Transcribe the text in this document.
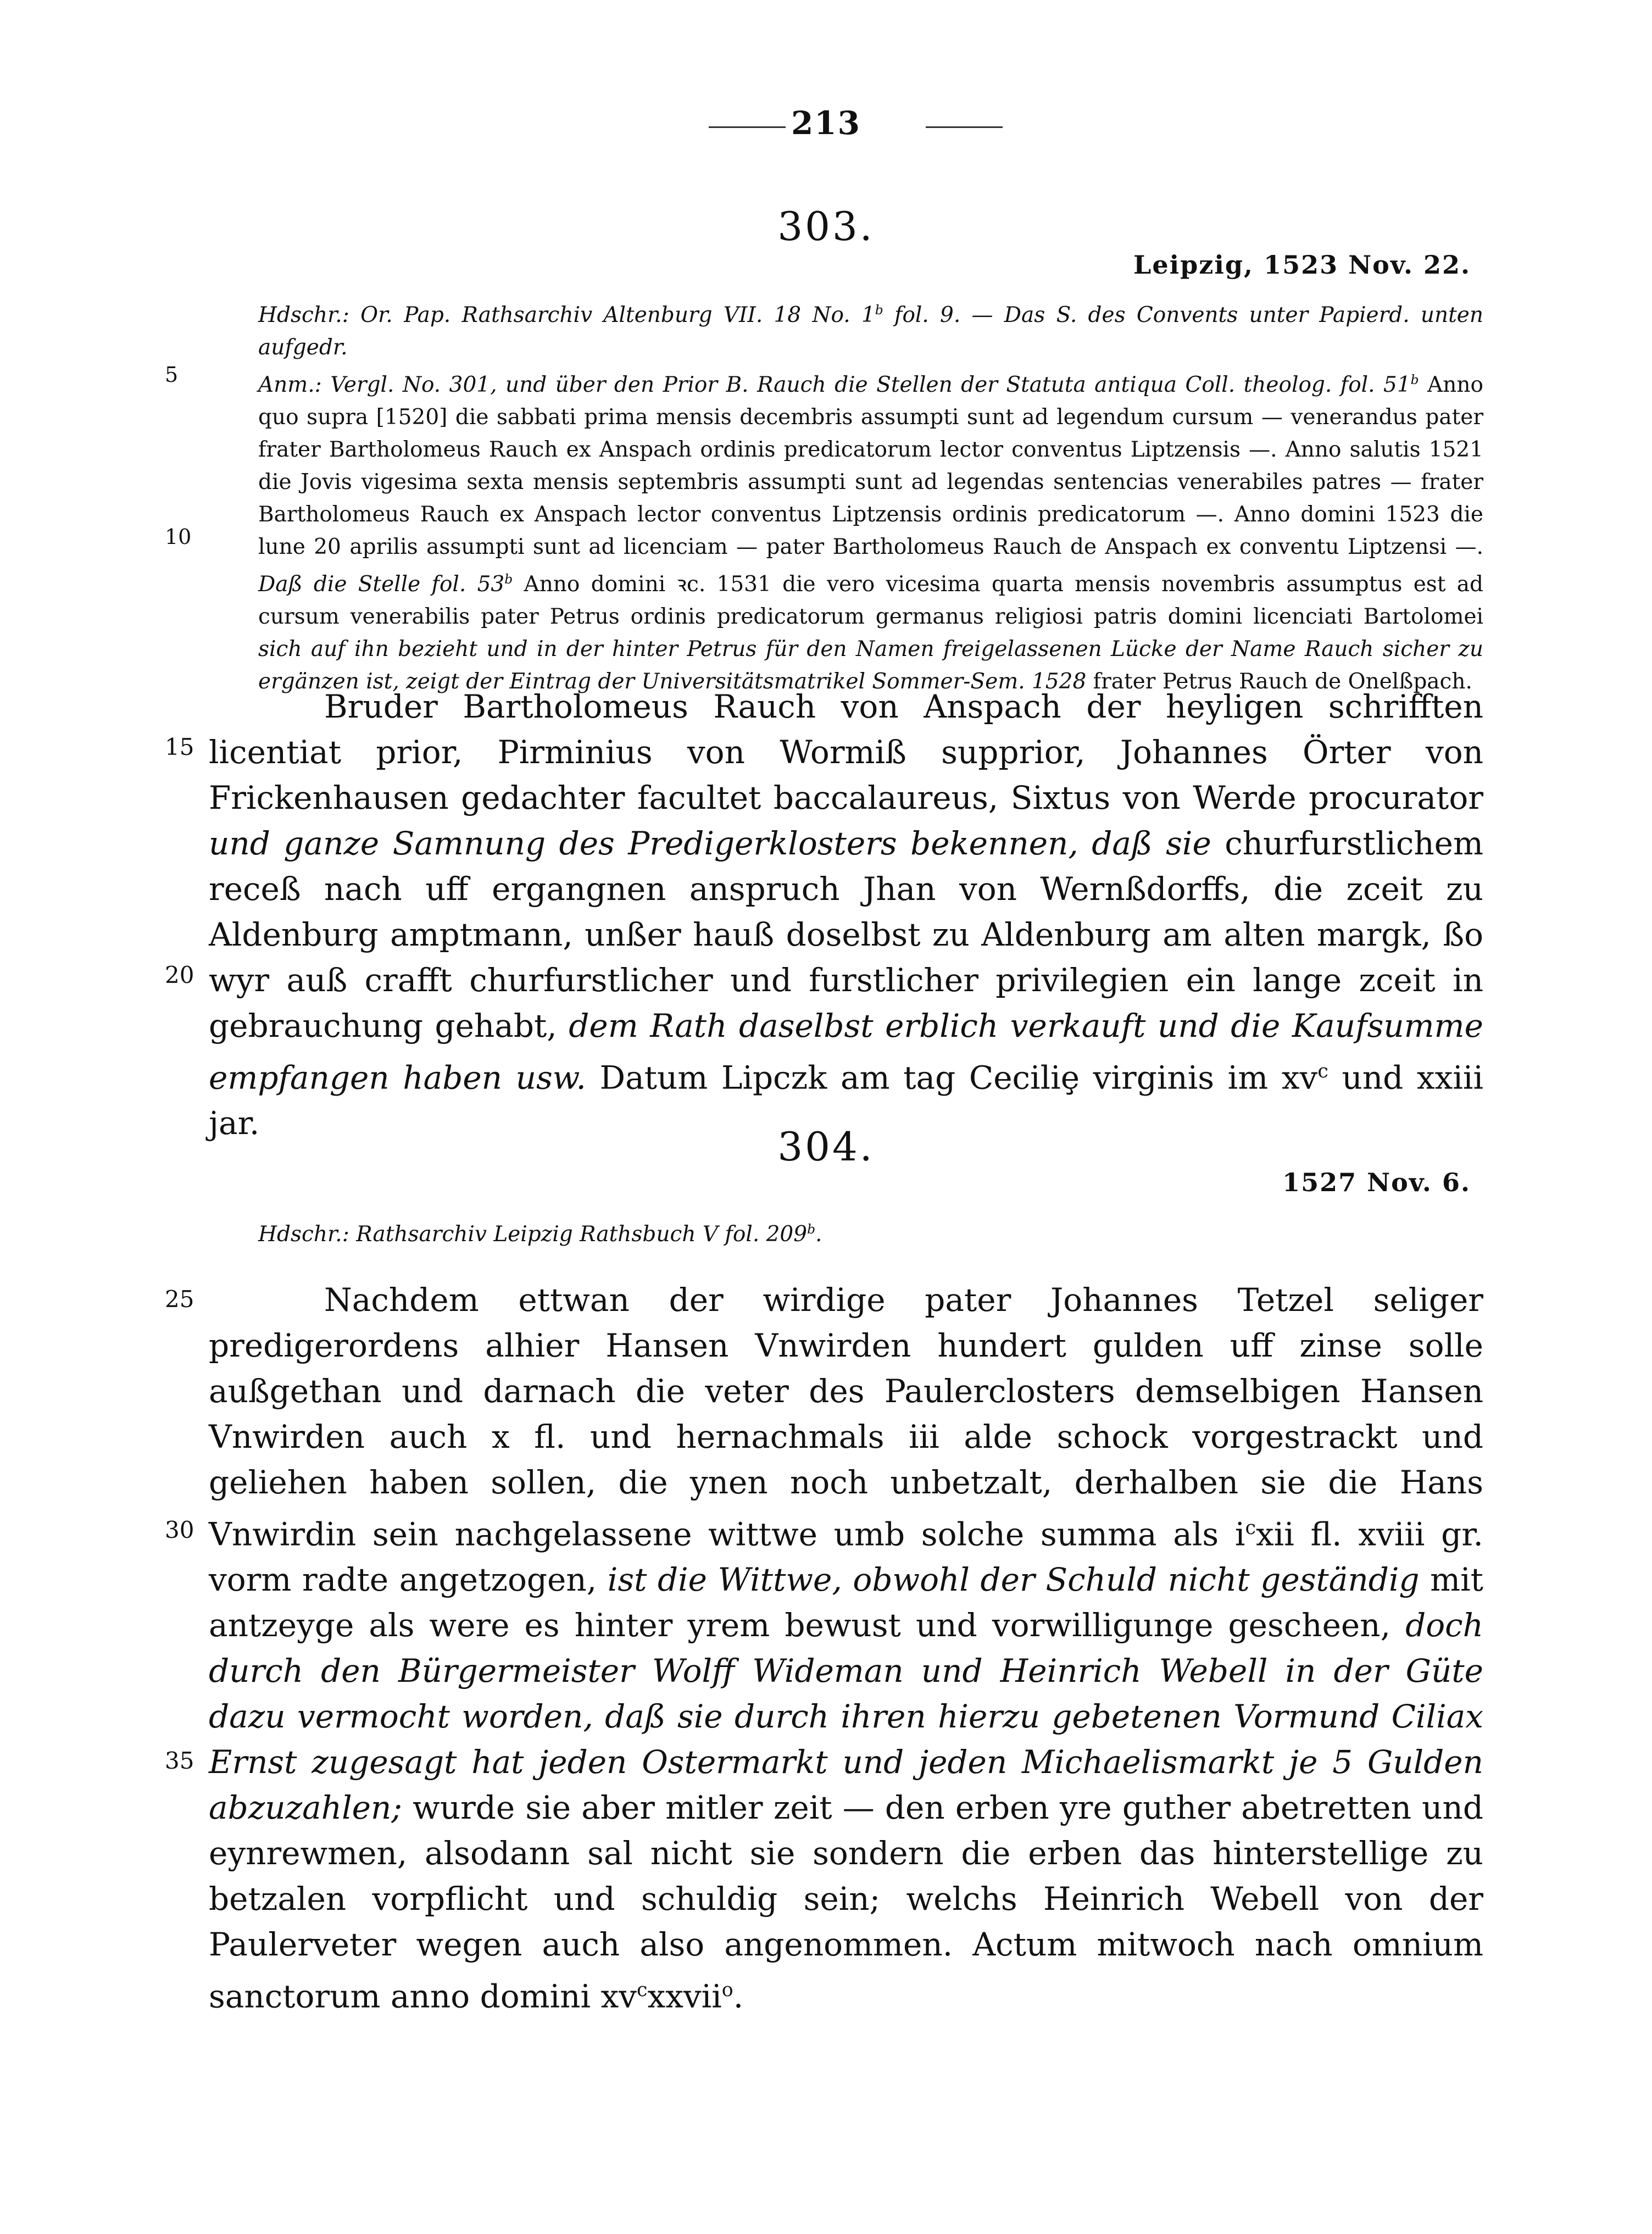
213
303.
Leipzig, 1523 Nov. 22.

Hdschr.: Or. Pap. Rathsarchiv Altenburg VII. 18 No. 1$^b$ fol. 9. — Das S. des Convents unter Papierd. unten aufgedr.

Anm.: Vergl. No. 301, und über den Prior B. Rauch die Stellen der Statuta antiqua Coll. theolog. fol. 51$^b$ Anno quo supra [1520] die sabbati prima mensis decembris assumpti sunt ad legendum cursum — venerandus pater frater Bartholomeus Rauch ex Anspach ordinis predicatorum lector conventus Liptzensis —. Anno salutis 1521 die Jovis vigesima sexta mensis septembris assumpti sunt ad legendas sentencias venerabiles patres — frater Bartholomeus Rauch ex Anspach lector conventus Liptzensis ordinis predicatorum —. Anno domini 1523 die lune 20 aprilis assumpti sunt ad licenciam — pater Bartholomeus Rauch de Anspach ex conventu Liptzensi —. Daß die Stelle fol. 53$^b$ Anno domini ꝛc. 1531 die vero vicesima quarta mensis novembris assumptus est ad cursum venerabilis pater Petrus ordinis predicatorum germanus religiosi patris domini licenciati Bartolomei sich auf ihn bezieht und in der hinter Petrus für den Namen freigelassenen Lücke der Name Rauch sicher zu ergänzen ist, zeigt der Eintrag der Universitätsmatrikel Sommer-Sem. 1528 frater Petrus Rauch de Onelßpach.

Bruder Bartholomeus Rauch von Anspach der heyligen schrifften licentiat prior, Pirminius von Wormiß supprior, Johannes Örter von Frickenhausen gedachter facultet baccalaureus, Sixtus von Werde procurator und ganze Samnung des Predigerklosters bekennen, daß sie churfurstlichem receß nach uff ergangnen anspruch Jhan von Wernßdorffs, die zceit zu Aldenburg amptmann, unßer hauß doselbst zu Aldenburg am alten margk, ßo wyr auß crafft churfurstlicher und furstlicher privilegien ein lange zceit in gebrauchung gehabt, dem Rath daselbst erblich verkauft und die Kaufsumme empfangen haben usw. Datum Lipczk am tag Ceciliȩ virginis im $xv^c$ und xxiii jar.

304.
1527 Nov. 6.

Hdschr.: Rathsarchiv Leipzig Rathsbuch V fol. 209$^b$.

Nachdem ettwan der wirdige pater Johannes Tetzel seliger predigerordens alhier Hansen Vnwirden hundert gulden uff zinse solle außgethan und darnach die veter des Paulerclosters demselbigen Hansen Vnwirden auch x fl. und hernachmals iii alde schock vorgestrackt und geliehen haben sollen, die ynen noch unbetzalt, derhalben sie die Hans Vnwirdin sein nachgelassene wittwe umb solche summa als $i^cxii$ fl. xviii gr. vorm radte angetzogen, ist die Wittwe, obwohl der Schuld nicht geständig mit antzeyge als were es hinter yrem bewust und vorwilligunge gescheen, doch durch den Bürgermeister Wolff Wideman und Heinrich Webell in der Güte dazu vermocht worden, daß sie durch ihren hierzu gebetenen Vormund Ciliax Ernst zugesagt hat jeden Ostermarkt und jeden Michaelismarkt je 5 Gulden abzuzahlen; wurde sie aber mitler zeit — den erben yre guther abetretten und eynrewmen, alsodann sal nicht sie sondern die erben das hinterstellige zu betzalen vorpflicht und schuldig sein; welchs Heinrich Webell von der Paulerveter wegen auch also angenommen. Actum mitwoch nach omnium sanctorum anno domini $xv^cxxvii^o$.

5
10
15
20
25
30
35
